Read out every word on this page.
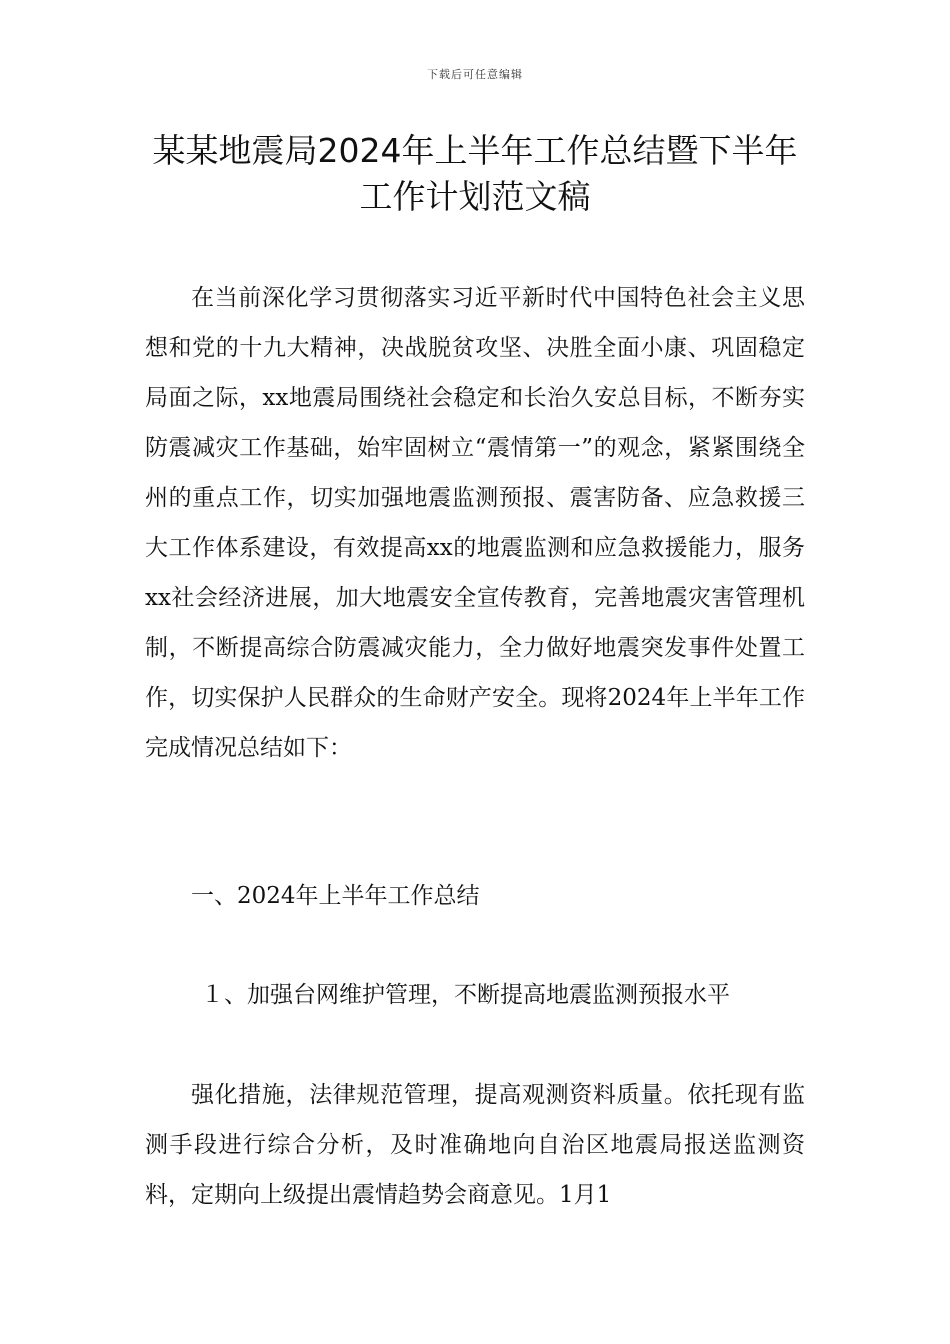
下载后可任意编辑
某某地震局2024年上半年工作总结暨下半年工作计划范文稿

在当前深化学习贯彻落实习近平新时代中国特色社会主义思想和党的十九大精神，决战脱贫攻坚、决胜全面小康、巩固稳定局面之际，xx地震局围绕社会稳定和长治久安总目标，不断夯实防震减灾工作基础，始牢固树立“震情第一”的观念，紧紧围绕全州的重点工作，切实加强地震监测预报、震害防备、应急救援三大工作体系建设，有效提高xx的地震监测和应急救援能力，服务xx社会经济进展，加大地震安全宣传教育，完善地震灾害管理机制，不断提高综合防震减灾能力，全力做好地震突发事件处置工作，切实保护人民群众的生命财产安全。现将2024年上半年工作完成情况总结如下：

一、2024年上半年工作总结

１、加强台网维护管理，不断提高地震监测预报水平

强化措施，法律规范管理，提高观测资料质量。依托现有监测手段进行综合分析，及时准确地向自治区地震局报送监测资料，定期向上级提出震情趋势会商意见。1月1
